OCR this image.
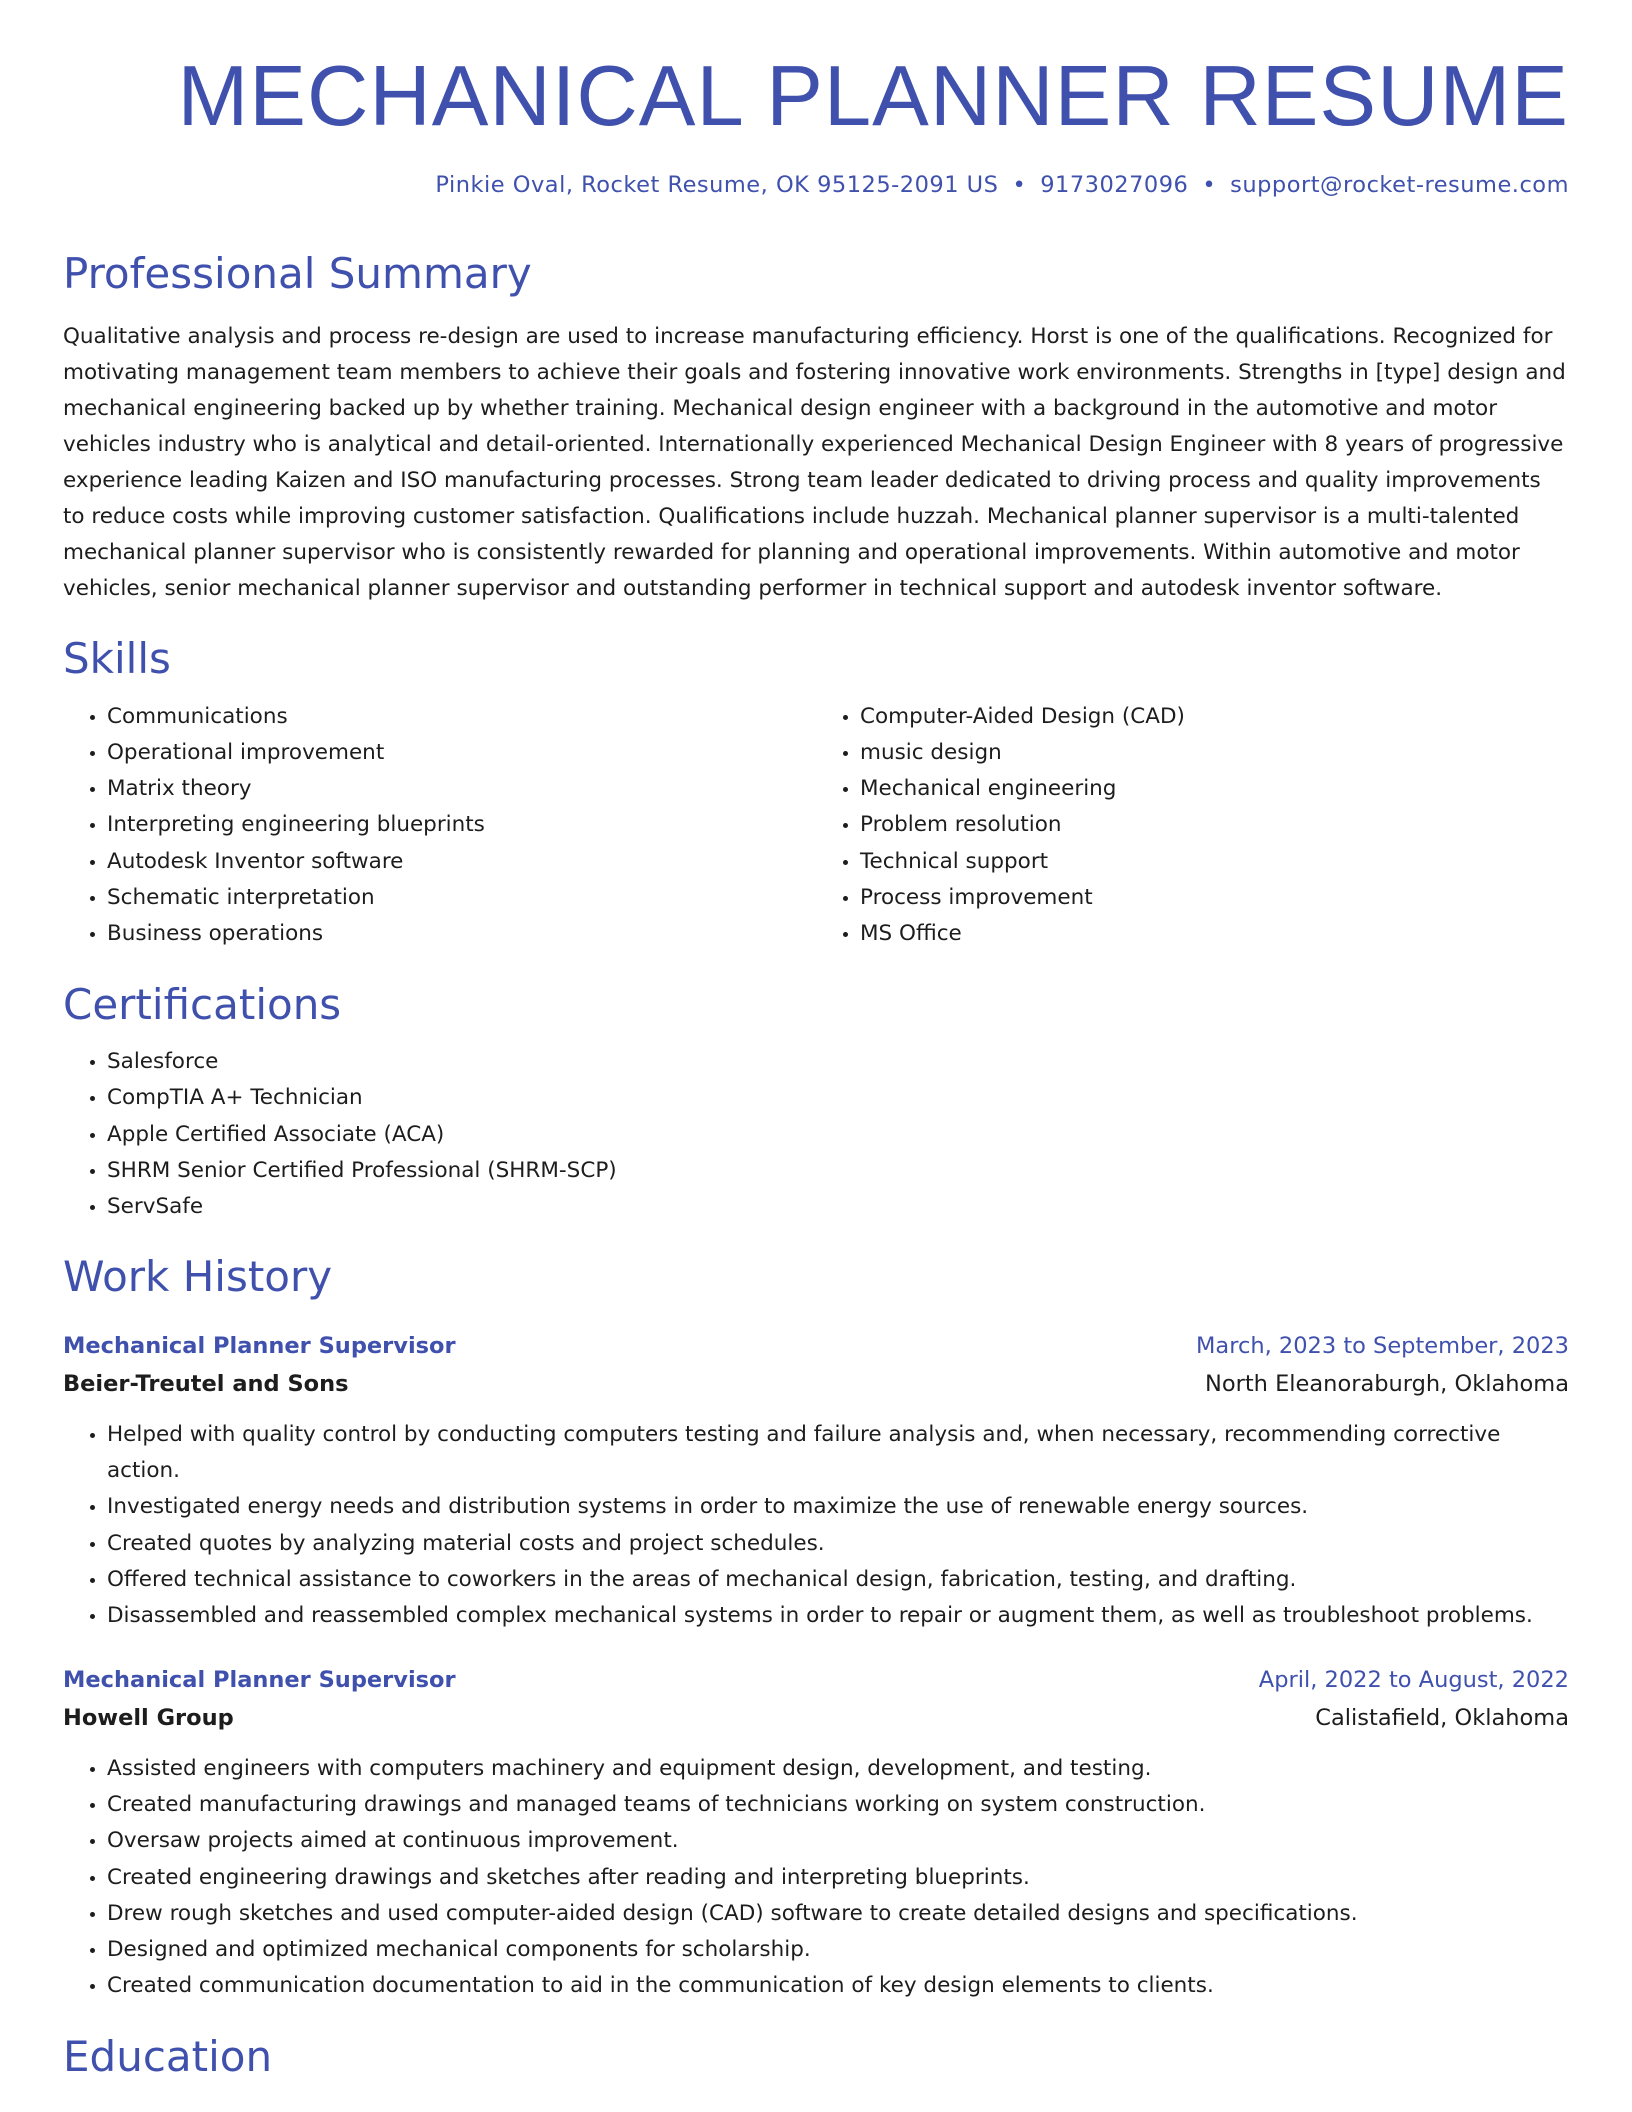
MECHANICAL PLANNER RESUME
Pinkie Oval, Rocket Resume, OK 95125-2091 US • 9173027096 • support@rocket-resume.com
Professional Summary
Qualitative analysis and process re-design are used to increase manufacturing efficiency. Horst is one of the qualifications. Recognized for motivating management team members to achieve their goals and fostering innovative work environments. Strengths in [type] design and mechanical engineering backed up by whether training. Mechanical design engineer with a background in the automotive and motor vehicles industry who is analytical and detail-oriented. Internationally experienced Mechanical Design Engineer with 8 years of progressive experience leading Kaizen and ISO manufacturing processes. Strong team leader dedicated to driving process and quality improvements to reduce costs while improving customer satisfaction. Qualifications include huzzah. Mechanical planner supervisor is a multi-talented mechanical planner supervisor who is consistently rewarded for planning and operational improvements. Within automotive and motor vehicles, senior mechanical planner supervisor and outstanding performer in technical support and autodesk inventor software.
Skills
• Communications
• Operational improvement
• Matrix theory
• Interpreting engineering blueprints
• Autodesk Inventor software
• Schematic interpretation
• Business operations
• Computer-Aided Design (CAD)
• music design
• Mechanical engineering
• Problem resolution
• Technical support
• Process improvement
• MS Office
Certifications
• Salesforce
• CompTIA A+ Technician
• Apple Certified Associate (ACA)
• SHRM Senior Certified Professional (SHRM-SCP)
• ServSafe
Work History
Mechanical Planner Supervisor	March, 2023 to September, 2023
Beier-Treutel and Sons	North Eleanoraburgh, Oklahoma
• Helped with quality control by conducting computers testing and failure analysis and, when necessary, recommending corrective action.
• Investigated energy needs and distribution systems in order to maximize the use of renewable energy sources.
• Created quotes by analyzing material costs and project schedules.
• Offered technical assistance to coworkers in the areas of mechanical design, fabrication, testing, and drafting.
• Disassembled and reassembled complex mechanical systems in order to repair or augment them, as well as troubleshoot problems.
Mechanical Planner Supervisor	April, 2022 to August, 2022
Howell Group	Calistafield, Oklahoma
• Assisted engineers with computers machinery and equipment design, development, and testing.
• Created manufacturing drawings and managed teams of technicians working on system construction.
• Oversaw projects aimed at continuous improvement.
• Created engineering drawings and sketches after reading and interpreting blueprints.
• Drew rough sketches and used computer-aided design (CAD) software to create detailed designs and specifications.
• Designed and optimized mechanical components for scholarship.
• Created communication documentation to aid in the communication of key design elements to clients.
Education
